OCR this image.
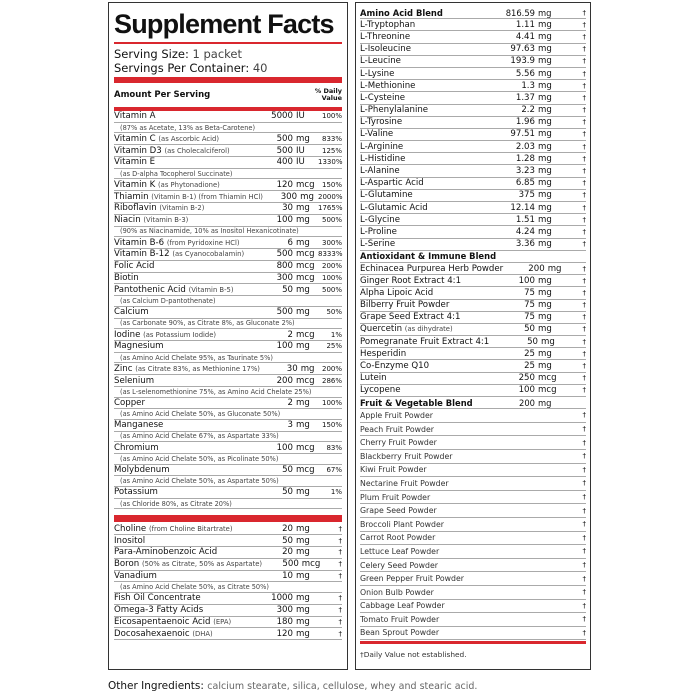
Supplement Facts
Serving Size: 1 packet
Servings Per Container: 40
Amount Per Serving	% Daily
Value
Vitamin A	5000 IU	100%
(87% as Acetate, 13% as Beta-Carotene)
Vitamin C (as Ascorbic Acid)	500 mg	833%
Vitamin D3 (as Cholecalciferol)	500 IU	125%
Vitamin E	400 IU	1330%
(as D-alpha Tocopherol Succinate)
Vitamin K (as Phytonadione)	120 mcg	150%
Thiamin (Vitamin B-1) (from Thiamin HCl)	300 mg 2000%
Riboflavin (Vitamin B-2)	30 mg	1765%
Niacin (Vitamin B-3)	100 mg	500%
(90% as Niacinamide, 10% as Inositol Hexanicotinate)
Vitamin B-6 (from Pyridoxine HCl)	6 mg	300%
Vitamin B-12 (as Cyanocobalamin)	500 mcg 8333%
Folic Acid	800 mcg	200%
Biotin	300 mcg	100%
Pantothenic Acid (Vitamin B-5)	50 mg	500%
(as Calcium D-pantothenate)
Calcium	500 mg	50%
(as Carbonate 90%, as Citrate 8%, as Gluconate 2%)
Iodine (as Potassium Iodide)	2 mcg	1%
Magnesium	100 mg	25%
(as Amino Acid Chelate 95%, as Taurinate 5%)
Zinc (as Citrate 83%, as Methionine 17%)	30 mg	200%
Selenium	200 mcg	286%
(as L-selenomethionine 75%, as Amino Acid Chelate 25%)
Copper	2 mg	100%
(as Amino Acid Chelate 50%, as Gluconate 50%)
Manganese	3 mg	150%
(as Amino Acid Chelate 67%, as Aspartate 33%)
Chromium	100 mcg	83%
(as Amino Acid Chelate 50%, as Picolinate 50%)
Molybdenum	50 mcg	67%
(as Amino Acid Chelate 50%, as Aspartate 50%)
Potassium	50 mg	1%
(as Chloride 80%, as Citrate 20%)
Choline (from Choline Bitartrate)	20 mg	†
Inositol	50 mg	†
Para-Aminobenzoic Acid	20 mg	†
Boron (50% as Citrate, 50% as Aspartate)	500 mcg	†
Vanadium	10 mg	†
(as Amino Acid Chelate 50%, as Citrate 50%)
Fish Oil Concentrate	1000 mg	†
Omega-3 Fatty Acids	300 mg	†
Eicosapentaenoic Acid (EPA)	180 mg	†
Docosahexaenoic (DHA)	120 mg	†
Amino Acid Blend	816.59 mg	†
L-Tryptophan	1.11 mg	†
L-Threonine	4.41 mg	†
L-Isoleucine	97.63 mg	†
L-Leucine	193.9 mg	†
L-Lysine	5.56 mg	†
L-Methionine	1.3 mg	†
L-Cysteine	1.37 mg	†
L-Phenylalanine	2.2 mg	†
L-Tyrosine	1.96 mg	†
L-Valine	97.51 mg	†
L-Arginine	2.03 mg	†
L-Histidine	1.28 mg	†
L-Alanine	3.23 mg	†
L-Aspartic Acid	6.85 mg	†
L-Glutamine	375 mg	†
L-Glutamic Acid	12.14 mg	†
L-Glycine	1.51 mg	†
L-Proline	4.24 mg	†
L-Serine	3.36 mg	†
Antioxidant & Immune Blend
Echinacea Purpurea Herb Powder	200 mg	†
Ginger Root Extract 4:1	100 mg	†
Alpha Lipoic Acid	75 mg	†
Bilberry Fruit Powder	75 mg	†
Grape Seed Extract 4:1	75 mg	†
Quercetin (as dihydrate)	50 mg	†
Pomegranate Fruit Extract 4:1	50 mg	†
Hesperidin	25 mg	†
Co-Enzyme Q10	25 mg	†
Lutein	250 mcg	†
Lycopene	100 mcg	†
Fruit & Vegetable Blend	200 mg
Apple Fruit Powder	†
Peach Fruit Powder	†
Cherry Fruit Powder	†
Blackberry Fruit Powder	†
Kiwi Fruit Powder	†
Nectarine Fruit Powder	†
Plum Fruit Powder	†
Grape Seed Powder	†
Broccoli Plant Powder	†
Carrot Root Powder	†
Lettuce Leaf Powder	†
Celery Seed Powder	†
Green Pepper Fruit Powder	†
Onion Bulb Powder	†
Cabbage Leaf Powder	†
Tomato Fruit Powder	†
Bean Sprout Powder	†
†Daily Value not established.
Other Ingredients: calcium stearate, silica, cellulose, whey and stearic acid.
